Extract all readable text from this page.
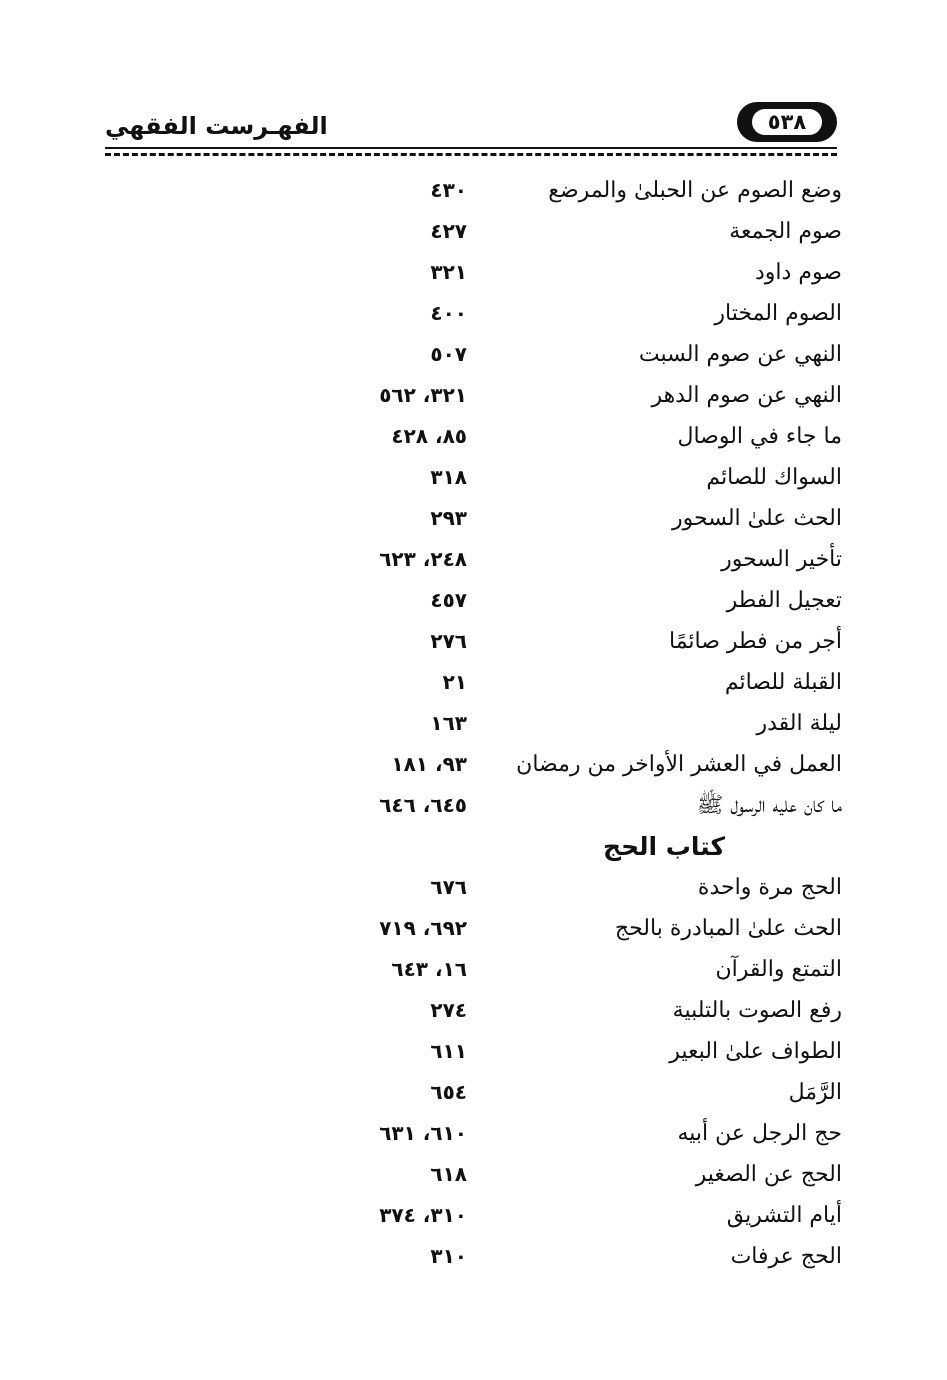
٥٣٨
الفهـرست الفقهي
وضع الصوم عن الحبلىٰ والمرضع
٤٣٠
صوم الجمعة
٤٢٧
صوم داود
٣٢١
الصوم المختار
٤٠٠
النهي عن صوم السبت
٥٠٧
النهي عن صوم الدهر
٣٢١، ٥٦٢
ما جاء في الوصال
٨٥، ٤٢٨
السواك للصائم
٣١٨
الحث علىٰ السحور
٢٩٣
تأخير السحور
٢٤٨، ٦٢٣
تعجيل الفطر
٤٥٧
أجر من فطر صائمًا
٢٧٦
القبلة للصائم
٢١
ليلة القدر
١٦٣
العمل في العشر الأواخر من رمضان
٩٣، ١٨١
ما كان عليه الرسول ﷺ
٦٤٥، ٦٤٦
كتاب الحج
الحج مرة واحدة
٦٧٦
الحث علىٰ المبادرة بالحج
٦٩٢، ٧١٩
التمتع والقرآن
١٦، ٦٤٣
رفع الصوت بالتلبية
٢٧٤
الطواف علىٰ البعير
٦١١
الرَّمَل
٦٥٤
حج الرجل عن أبيه
٦١٠، ٦٣١
الحج عن الصغير
٦١٨
أيام التشريق
٣١٠، ٣٧٤
الحج عرفات
٣١٠
